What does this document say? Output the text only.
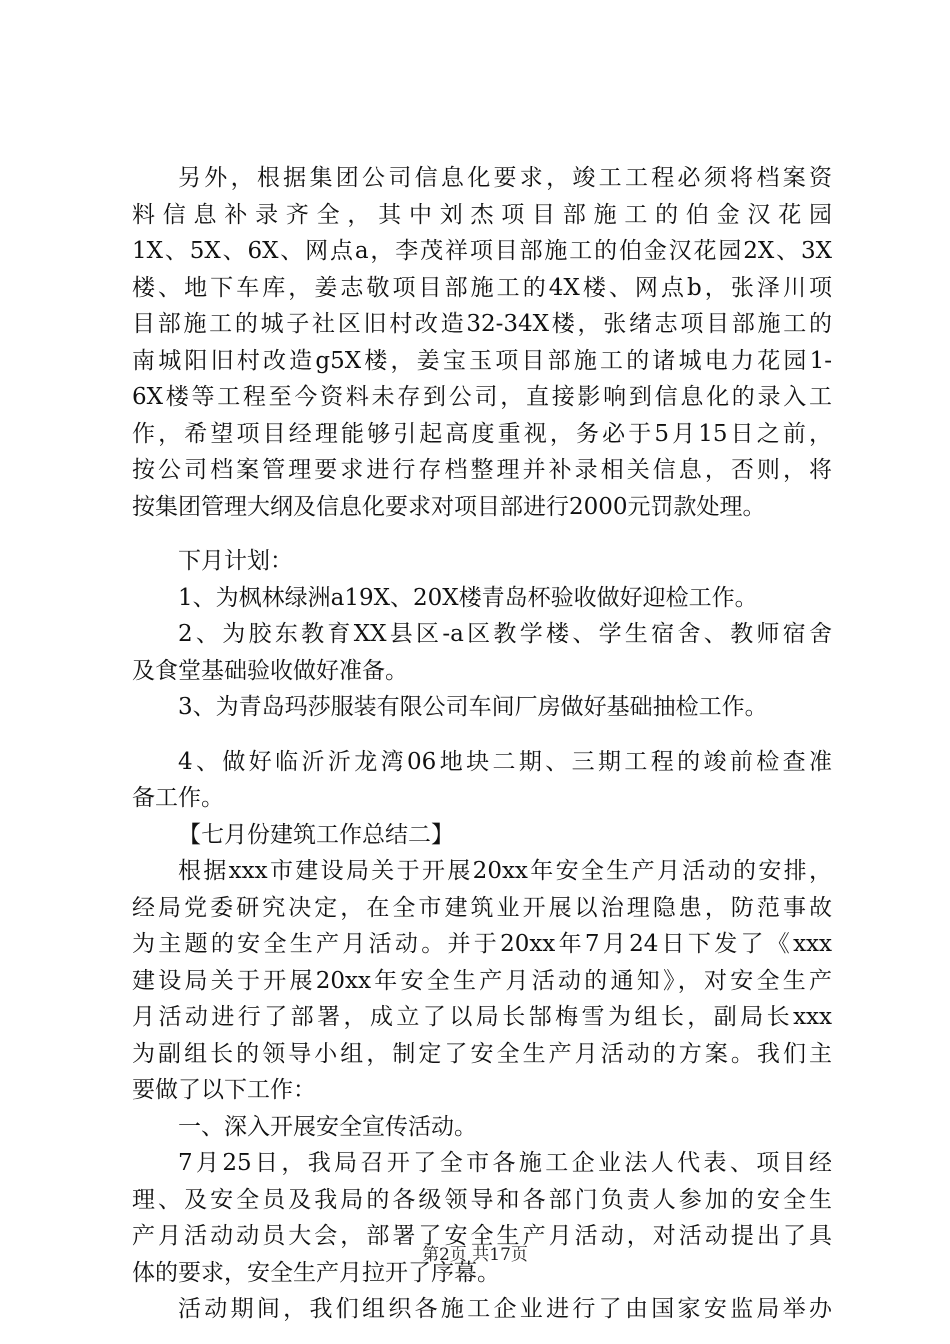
另外，根据集团公司信息化要求，竣工工程必须将档案资
料信息补录齐全，其中刘杰项目部施工的伯金汉花园
1X、5X、6X、网点a，李茂祥项目部施工的伯金汉花园2X、3X
楼、地下车库，姜志敬项目部施工的4X楼、网点b，张泽川项
目部施工的城子社区旧村改造32-34X楼，张绪志项目部施工的
南城阳旧村改造g5X楼，姜宝玉项目部施工的诸城电力花园1-
6X楼等工程至今资料未存到公司，直接影响到信息化的录入工
作，希望项目经理能够引起高度重视，务必于5月15日之前，
按公司档案管理要求进行存档整理并补录相关信息，否则，将
按集团管理大纲及信息化要求对项目部进行2000元罚款处理。
下月计划：
1、为枫林绿洲a19X、20X楼青岛杯验收做好迎检工作。
2、为胶东教育XX县区-a区教学楼、学生宿舍、教师宿舍
及食堂基础验收做好准备。
3、为青岛玛莎服装有限公司车间厂房做好基础抽检工作。
4、做好临沂沂龙湾06地块二期、三期工程的竣前检查准
备工作。
【七月份建筑工作总结二】
根据xxx市建设局关于开展20xx年安全生产月活动的安排，
经局党委研究决定，在全市建筑业开展以治理隐患，防范事故
为主题的安全生产月活动。并于20xx年7月24日下发了《xxx
建设局关于开展20xx年安全生产月活动的通知》，对安全生产
月活动进行了部署，成立了以局长郜梅雪为组长，副局长xxx
为副组长的领导小组，制定了安全生产月活动的方案。我们主
要做了以下工作：
一、深入开展安全宣传活动。
7月25日，我局召开了全市各施工企业法人代表、项目经
理、及安全员及我局的各级领导和各部门负责人参加的安全生
产月活动动员大会，部署了安全生产月活动，对活动提出了具
体的要求，安全生产月拉开了序幕。
活动期间，我们组织各施工企业进行了由国家安监局举办
第2页 共17页
